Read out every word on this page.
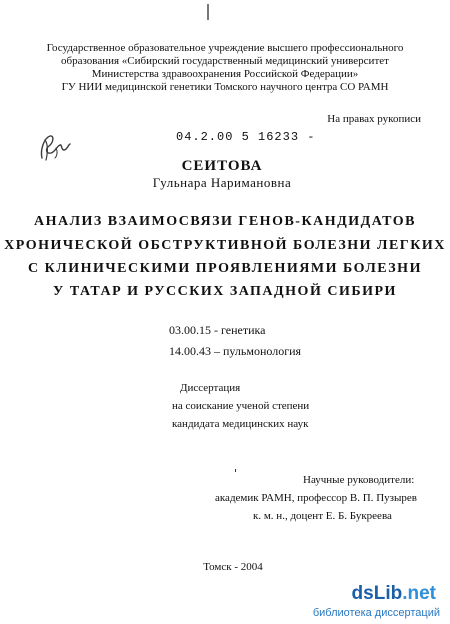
Государственное образовательное учреждение высшего профессионального
образования «Сибирский государственный медицинский университет
Министерства здравоохранения Российской Федерации»
ГУ НИИ медицинской генетики Томского научного центра СО РАМН
На правах рукописи
04.2.00 5 16233 -
СЕИТОВА
Гульнара Наримановна
АНАЛИЗ ВЗАИМОСВЯЗИ ГЕНОВ-КАНДИДАТОВ
ХРОНИЧЕСКОЙ ОБСТРУКТИВНОЙ БОЛЕЗНИ ЛЕГКИХ
С КЛИНИЧЕСКИМИ ПРОЯВЛЕНИЯМИ БОЛЕЗНИ
У ТАТАР И РУССКИХ ЗАПАДНОЙ СИБИРИ
03.00.15 - генетика
14.00.43 – пульмонология
Диссертация
на соискание ученой степени
кандидата медицинских наук
Научные руководители:
академик РАМН, профессор В. П. Пузырев
к. м. н., доцент Е. Б. Букреева
Томск - 2004
dsLib.net
библиотека диссертаций
